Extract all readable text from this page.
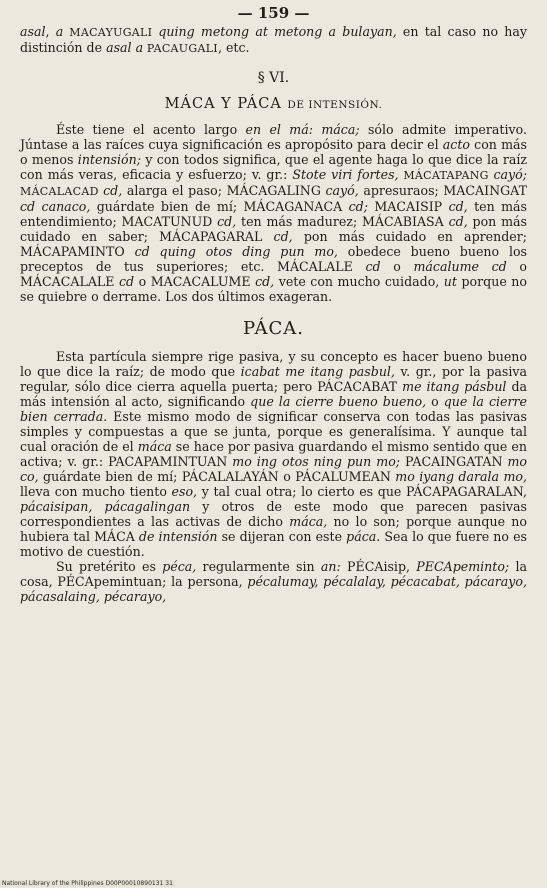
— 159 —

asal, a MACAYUGALI quing metong at metong a bulayan, en tal caso no hay distinción de asal a PACAUGALI, etc.

§ VI.
MÁCA Y PÁCA DE INTENSIÓN.

Éste tiene el acento largo en el má: máca; sólo admite imperativo. Júntase a las raíces cuya significación es apropósito para decir el acto con más o menos intensión; y con todos significa, que el agente haga lo que dice la raíz con más veras, eficacia y esfuerzo; v. gr.: Stote viri fortes, MÁCATAPANG cayó; MÁCALACAD cd, alarga el paso; MÁCAGALING cayó, apresuraos; MACAINGAT cd canaco, guárdate bien de mí; MÁCAGANACA cd; MACAISIP cd, ten más entendimiento; MACATUNUD cd, ten más madurez; MÁCABIASA cd, pon más cuidado en saber; MÁCAPAGARAL cd, pon más cuidado en aprender; MÁCAPAMINTO cd quing otos ding pun mo, obedece bueno bueno los preceptos de tus superiores; etc. MÁCALALE cd o mácalume cd o MÁCACALALE cd o MACACALUME cd, vete con mucho cuidado, ut porque no se quiebre o derrame. Los dos últimos exageran.

PÁCA.

Esta partícula siempre rige pasiva, y su concepto es hacer bueno bueno lo que dice la raíz; de modo que icabat me itang pasbul, v. gr., por la pasiva regular, sólo dice cierra aquella puerta; pero PÁCACABAT me itang pásbul da más intensión al acto, significando que la cierre bueno bueno, o que la cierre bien cerrada. Este mismo modo de significar conserva con todas las pasivas simples y compuestas a que se junta, porque es generalísima. Y aunque tal cual oración de el máca se hace por pasiva guardando el mismo sentido que en activa; v. gr.: PACAPAMINTUAN mo ing otos ning pun mo; PACAINGATAN mo co, guárdate bien de mí; PÁCALALAYÁN o PÁCALUMEAN mo iyang darala mo, lleva con mucho tiento eso, y tal cual otra; lo cierto es que PÁCAPAGARALAN, pácaisipan, pácagalingan y otros de este modo que parecen pasivas correspondientes a las activas de dicho máca, no lo son; porque aunque no hubiera tal MÁCA de intensión se dijeran con este páca. Sea lo que fuere no es motivo de cuestión.

Su pretérito es péca, regularmente sin an: PÉCAisip, PECApeminto; la cosa, PÉCApemintuan; la persona, pécalumay, pécalalay, pécacabat, pácarayo, pácasalaing, pécarayo,

National Library of the Philippines D00P00010890131 31
